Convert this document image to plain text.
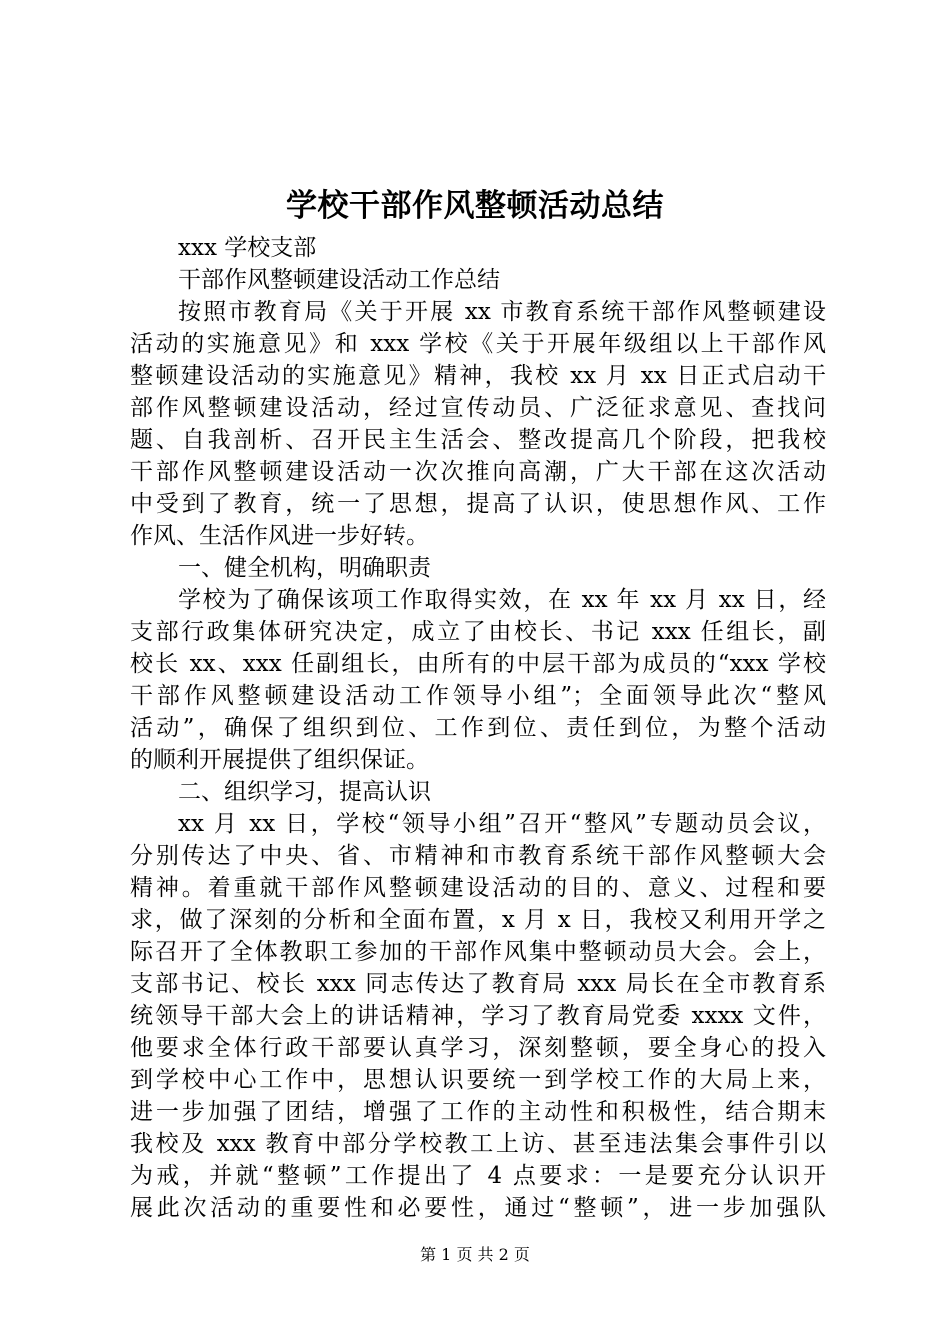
学校干部作风整顿活动总结
xxx 学校支部
干部作风整顿建设活动工作总结
按照市教育局《关于开展 xx 市教育系统干部作风整顿建设
活动的实施意见》和 xxx 学校《关于开展年级组以上干部作风
整顿建设活动的实施意见》精神，我校 xx 月 xx 日正式启动干
部作风整顿建设活动，经过宣传动员、广泛征求意见、查找问
题、自我剖析、召开民主生活会、整改提高几个阶段，把我校
干部作风整顿建设活动一次次推向高潮，广大干部在这次活动
中受到了教育，统一了思想，提高了认识，使思想作风、工作
作风、生活作风进一步好转。
一、健全机构，明确职责
学校为了确保该项工作取得实效，在 xx 年 xx 月 xx 日，经
支部行政集体研究决定，成立了由校长、书记 xxx 任组长，副
校长 xx、xxx 任副组长，由所有的中层干部为成员的“xxx 学校
干部作风整顿建设活动工作领导小组”；全面领导此次“整风
活动”，确保了组织到位、工作到位、责任到位，为整个活动
的顺利开展提供了组织保证。
二、组织学习，提高认识
xx 月 xx 日，学校“领导小组”召开“整风”专题动员会议，
分别传达了中央、省、市精神和市教育系统干部作风整顿大会
精神。着重就干部作风整顿建设活动的目的、意义、过程和要
求，做了深刻的分析和全面布置，x 月 x 日，我校又利用开学之
际召开了全体教职工参加的干部作风集中整顿动员大会。会上，
支部书记、校长 xxx 同志传达了教育局 xxx 局长在全市教育系
统领导干部大会上的讲话精神，学习了教育局党委 xxxx 文件，
他要求全体行政干部要认真学习，深刻整顿，要全身心的投入
到学校中心工作中，思想认识要统一到学校工作的大局上来，
进一步加强了团结，增强了工作的主动性和积极性，结合期末
我校及 xxx 教育中部分学校教工上访、甚至违法集会事件引以
为戒，并就“整顿”工作提出了 4 点要求：一是要充分认识开
展此次活动的重要性和必要性，通过“整顿”，进一步加强队
第 1 页 共 2 页
